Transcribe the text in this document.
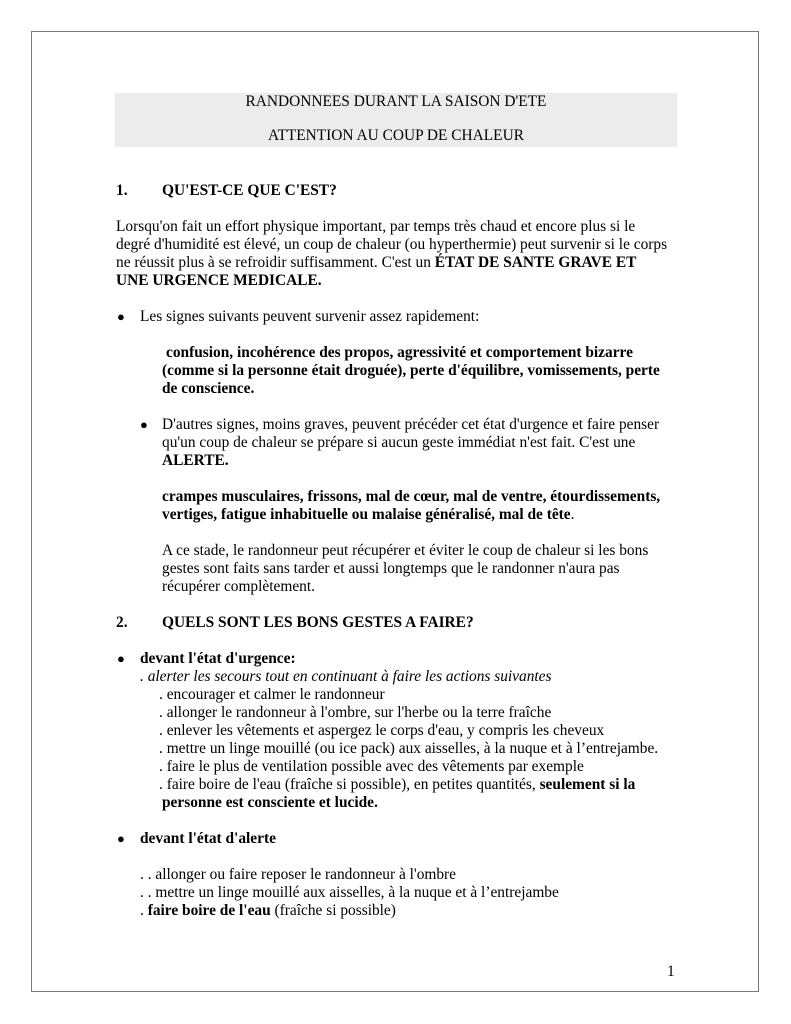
RANDONNEES DURANT LA SAISON D'ETE
ATTENTION AU COUP DE CHALEUR
1. QU'EST-CE QUE C'EST?
Lorsqu'on fait un effort physique important, par temps très chaud et encore plus si le
degré d'humidité est élevé, un coup de chaleur (ou hyperthermie) peut survenir si le corps
ne réussit plus à se refroidir suffisamment. C'est un ÉTAT DE SANTE GRAVE ET
UNE URGENCE MEDICALE.
● Les signes suivants peuvent survenir assez rapidement:
confusion, incohérence des propos, agressivité et comportement bizarre
(comme si la personne était droguée), perte d'équilibre, vomissements, perte
de conscience.
● D'autres signes, moins graves, peuvent précéder cet état d'urgence et faire penser
qu'un coup de chaleur se prépare si aucun geste immédiat n'est fait. C'est une
ALERTE.
crampes musculaires, frissons, mal de cœur, mal de ventre, étourdissements,
vertiges, fatigue inhabituelle ou malaise généralisé, mal de tête.
A ce stade, le randonneur peut récupérer et éviter le coup de chaleur si les bons
gestes sont faits sans tarder et aussi longtemps que le randonner n'aura pas
récupérer complètement.
2. QUELS SONT LES BONS GESTES A FAIRE?
● devant l'état d'urgence:
. alerter les secours tout en continuant à faire les actions suivantes
. encourager et calmer le randonneur
. allonger le randonneur à l'ombre, sur l'herbe ou la terre fraîche
. enlever les vêtements et aspergez le corps d'eau, y compris les cheveux
. mettre un linge mouillé (ou ice pack) aux aisselles, à la nuque et à l’entrejambe.
. faire le plus de ventilation possible avec des vêtements par exemple
. faire boire de l'eau (fraîche si possible), en petites quantités, seulement si la
personne est consciente et lucide.
● devant l'état d'alerte
. . allonger ou faire reposer le randonneur à l'ombre
. . mettre un linge mouillé aux aisselles, à la nuque et à l’entrejambe
. faire boire de l'eau (fraîche si possible)
1
